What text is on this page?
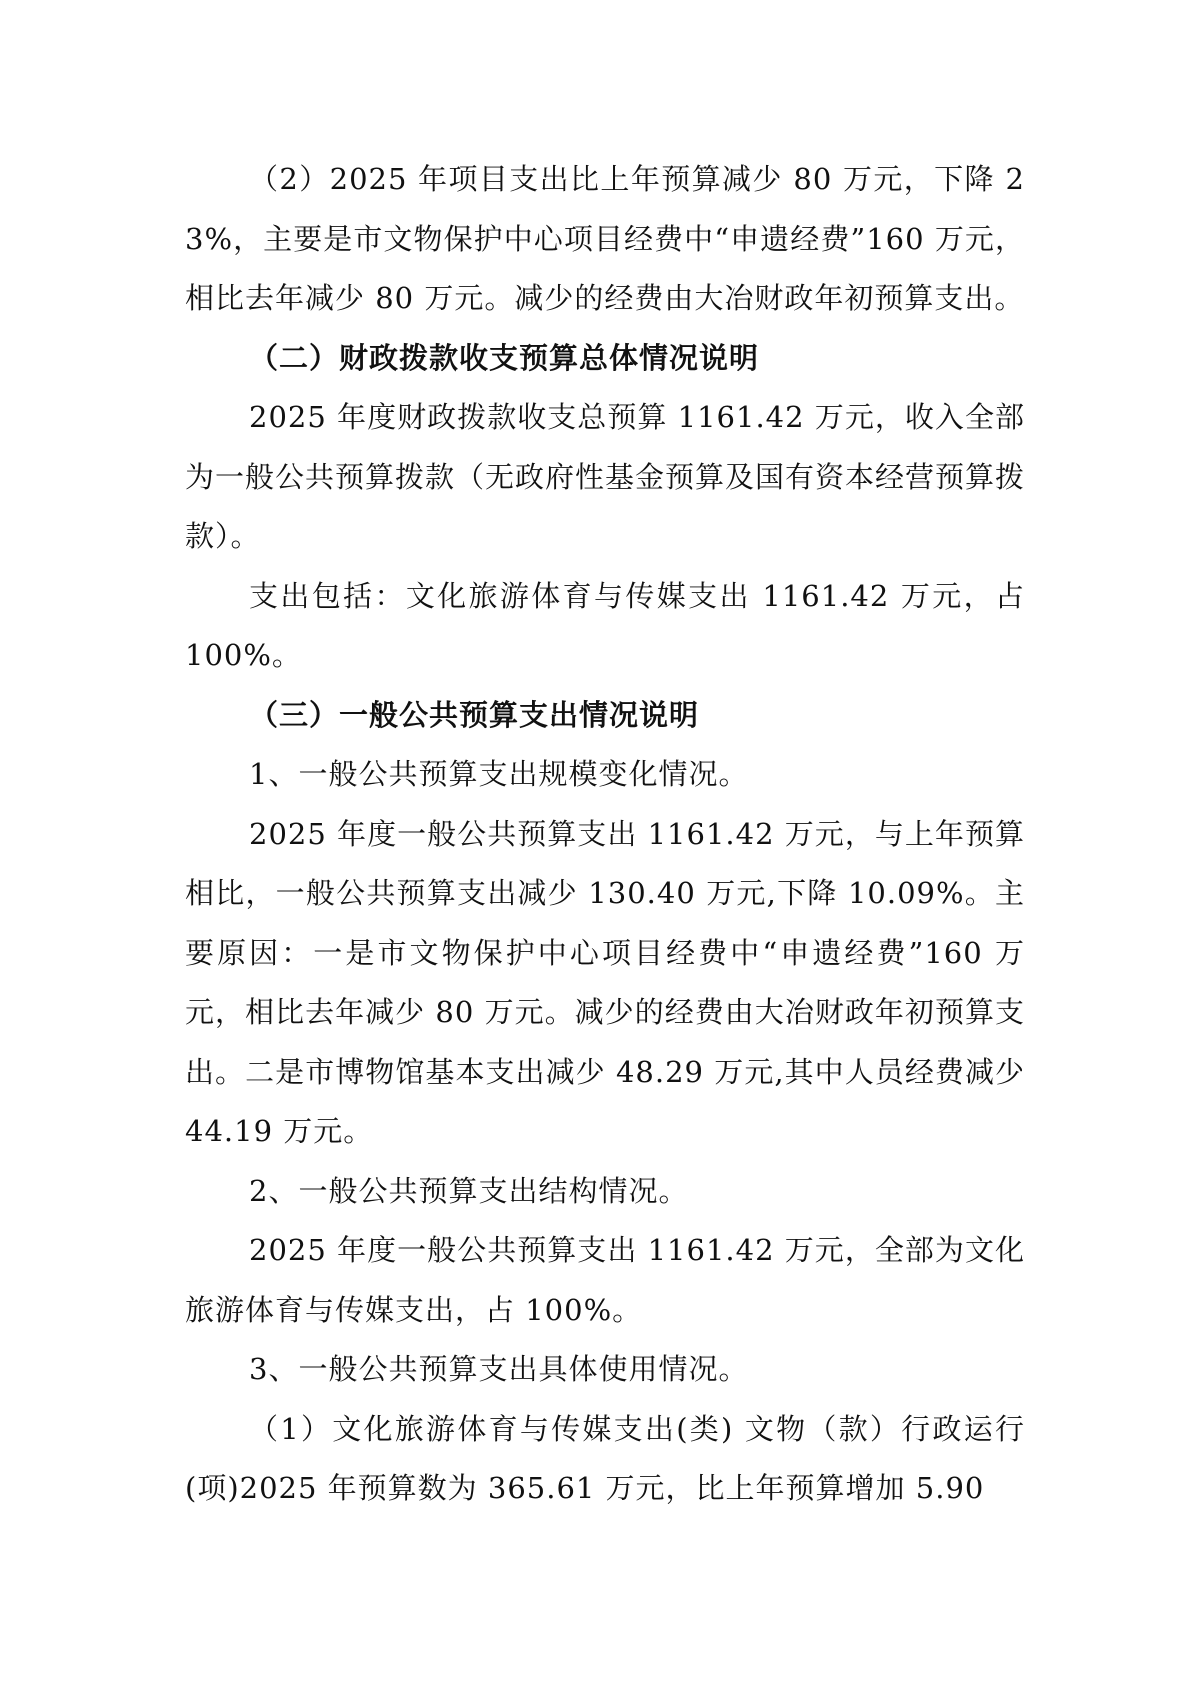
（2）2025 年项目支出比上年预算减少 80 万元，下降 23%，主要是市文物保护中心项目经费中“申遗经费”160 万元，相比去年减少 80 万元。减少的经费由大冶财政年初预算支出。

（二）财政拨款收支预算总体情况说明

2025 年度财政拨款收支总预算 1161.42 万元，收入全部为一般公共预算拨款（无政府性基金预算及国有资本经营预算拨款）。

支出包括：文化旅游体育与传媒支出 1161.42 万元，占 100%。

（三）一般公共预算支出情况说明

1、一般公共预算支出规模变化情况。

2025 年度一般公共预算支出 1161.42 万元，与上年预算相比，一般公共预算支出减少 130.40 万元,下降 10.09%。主要原因：一是市文物保护中心项目经费中“申遗经费”160 万元，相比去年减少 80 万元。减少的经费由大冶财政年初预算支出。二是市博物馆基本支出减少 48.29 万元,其中人员经费减少 44.19 万元。

2、一般公共预算支出结构情况。

2025 年度一般公共预算支出 1161.42 万元，全部为文化旅游体育与传媒支出，占 100%。

3、一般公共预算支出具体使用情况。

（1）文化旅游体育与传媒支出(类) 文物（款）行政运行(项)2025 年预算数为 365.61 万元，比上年预算增加 5.90
